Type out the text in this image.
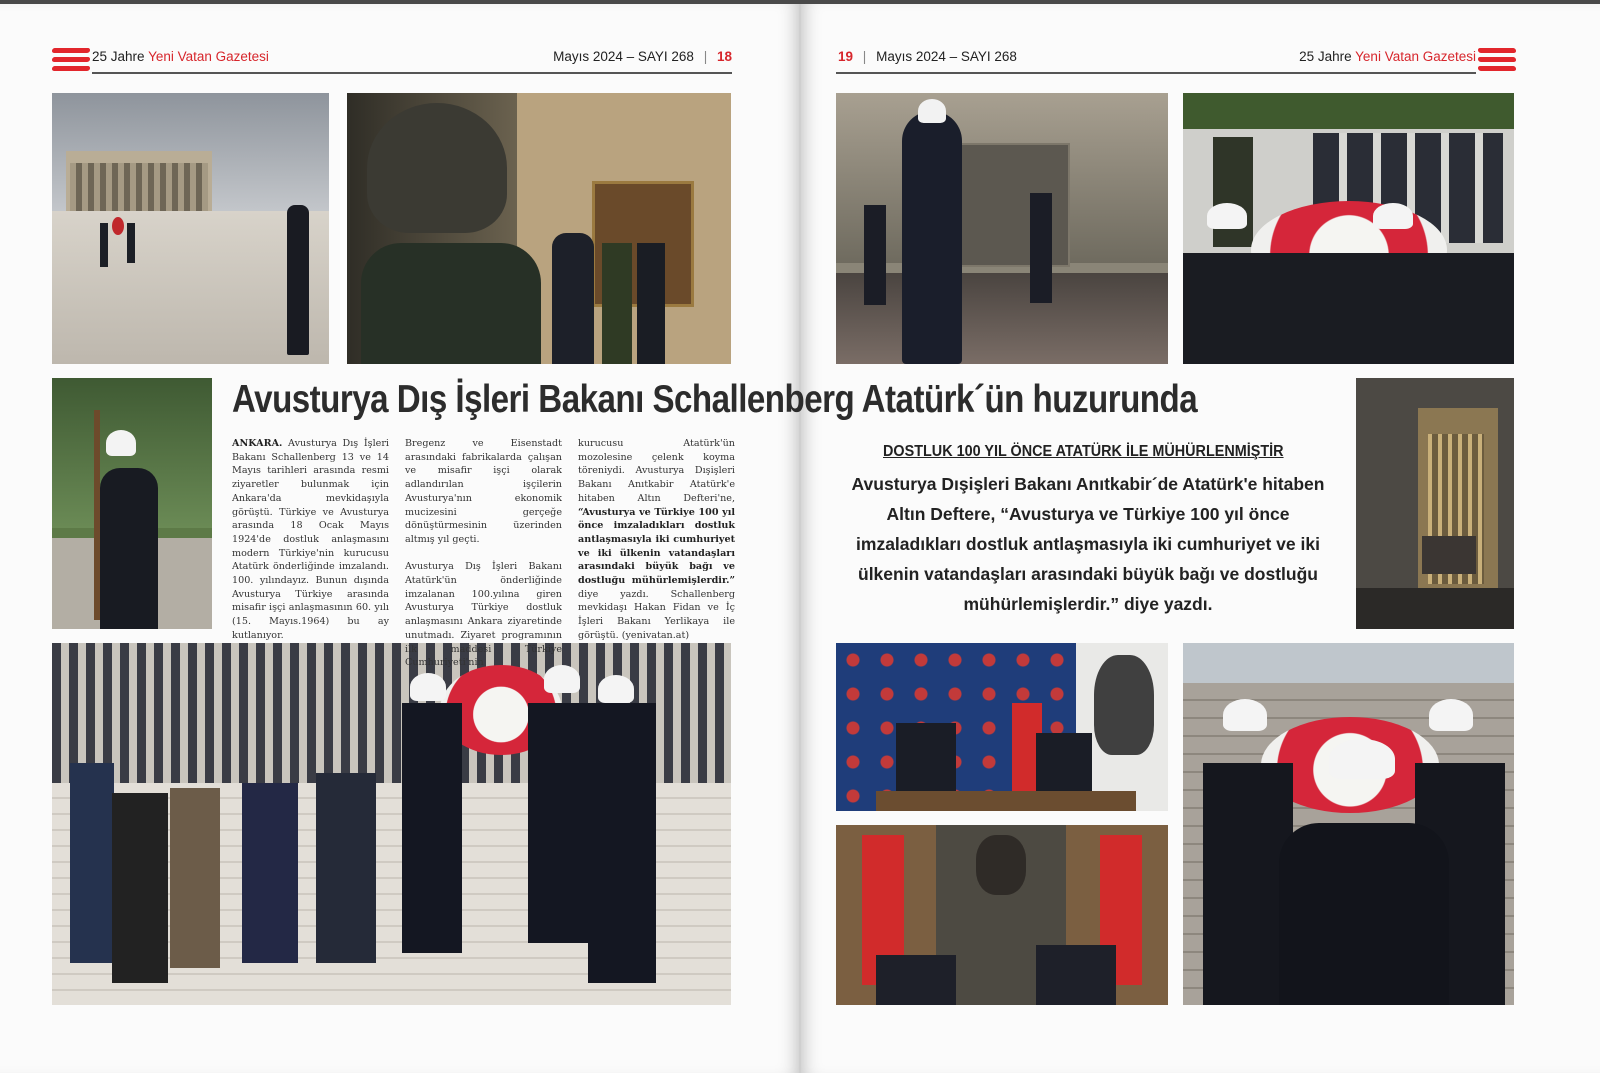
25 Jahre Yeni Vatan Gazetesi	Mayıs 2024 – SAYI 268 | 18	19 | Mayıs 2024 – SAYI 268	25 Jahre Yeni Vatan Gazetesi
Avusturya Dış İşleri Bakanı Schallenberg Atatürk´ün huzurunda
ANKARA. Avusturya Dış İşleri Bakanı Schallenberg 13 ve 14 Mayıs tarihleri arasında resmi ziyaretler bulunmak için Ankara'da mevkidaşıyla görüştü. Türkiye ve Avusturya arasında 18 Ocak Mayıs 1924'de dostluk anlaşmasını modern Türkiye'nin kurucusu Atatürk önderliğinde imzalandı. 100. yılındayız. Bunun dışında Avusturya Türkiye arasında misafir işçi anlaşmasının 60. yılı (15. Mayıs.1964) bu ay kutlanıyor.
Bregenz ve Eisenstadt arasındaki fabrikalarda çalışan ve misafir işçi olarak adlandırılan işçilerin Avusturya'nın ekonomik mucizesini gerçeğe dönüştürmesinin üzerinden altmış yıl geçti.

Avusturya Dış İşleri Bakanı Atatürk'ün önderliğinde imzalanan 100.yılına giren Avusturya Türkiye dostluk anlaşmasını Ankara ziyaretinde unutmadı. Ziyaret programının ilk maddesi Türkiye Cumhuriyeti'nin
kurucusu Atatürk'ün mozolesine çelenk koyma töreniydi. Avusturya Dışişleri Bakanı Anıtkabir Atatürk'e hitaben Altın Defteri'ne, “Avusturya ve Türkiye 100 yıl önce imzaladıkları dostluk antlaşmasıyla iki cumhuriyet ve iki ülkenin vatandaşları arasındaki büyük bağı ve dostluğu mühürlemişlerdir.” diye yazdı. Schallenberg mevkidaşı Hakan Fidan ve İç İşleri Bakanı Yerlikaya ile görüştü. (yenivatan.at)
DOSTLUK 100 YIL ÖNCE ATATÜRK İLE MÜHÜRLENMİŞTİR
Avusturya Dışişleri Bakanı Anıtkabir´de Atatürk'e hitaben Altın Deftere, “Avusturya ve Türkiye 100 yıl önce imzaladıkları dostluk antlaşmasıyla iki cumhuriyet ve iki ülkenin vatandaşları arasındaki büyük bağı ve dostluğu mühürlemişlerdir.” diye yazdı.
